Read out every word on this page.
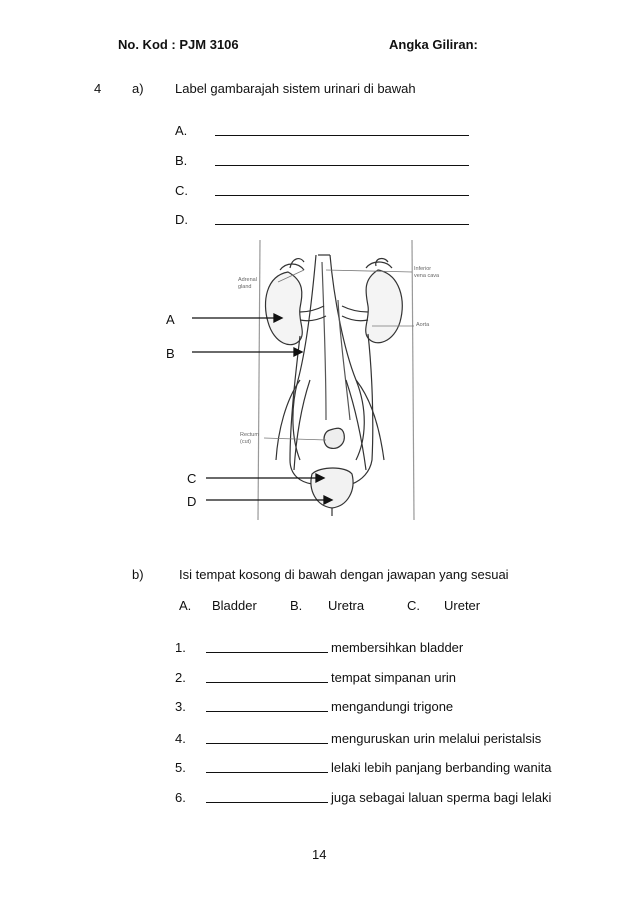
No. Kod : PJM 3106	Angka Giliran:
4 a) Label gambarajah sistem urinari di bawah
A.
B.
C.
D.
A
B
C
D
Adrenal
gland
Inferior
vena cava
Aorta
Rectum
(cut)
b)	Isi tempat kosong di bawah dengan jawapan yang sesuai
A. Bladder	B. Uretra	C. Ureter
1.	membersihkan bladder
2.	tempat simpanan urin
3.	mengandungi trigone
4.	menguruskan urin melalui peristalsis
5.	lelaki lebih panjang berbanding wanita
6.	juga sebagai laluan sperma bagi lelaki
14
